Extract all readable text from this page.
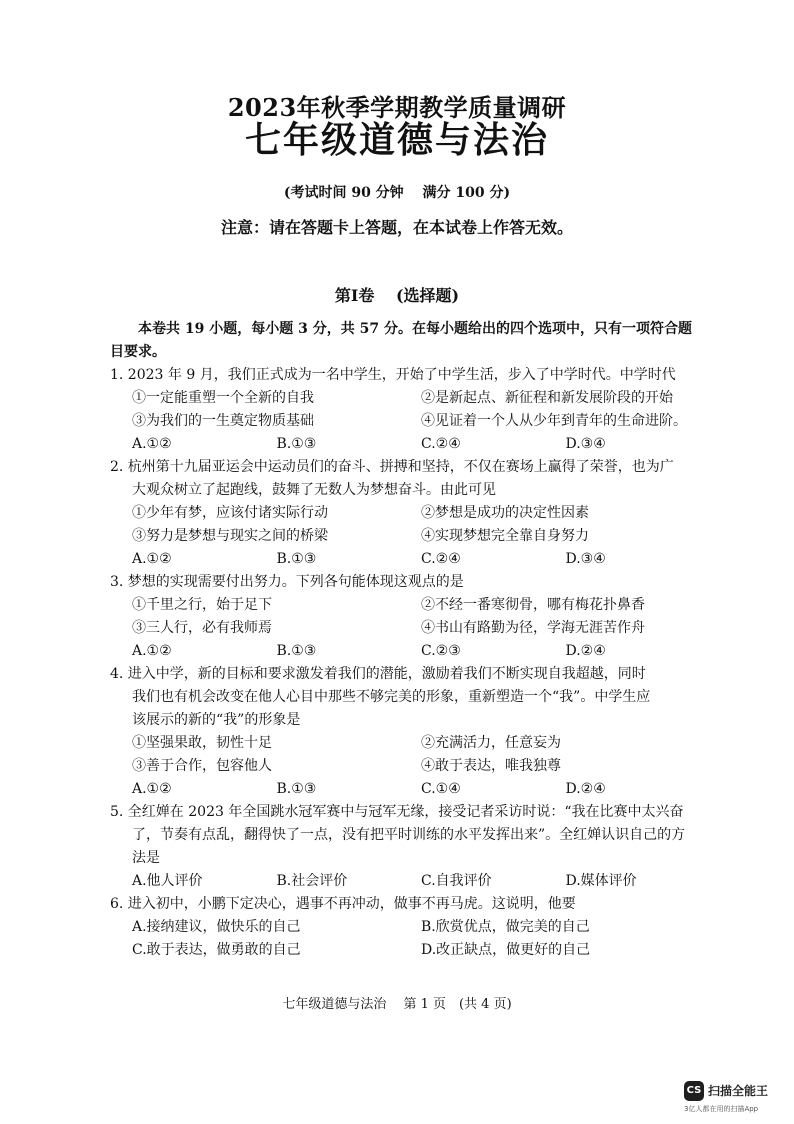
2023年秋季学期教学质量调研
七年级道德与法治
(考试时间 90 分钟　 满分 100 分)
注意：请在答题卡上答题，在本试卷上作答无效。
第Ⅰ卷　 (选择题)

本卷共 19 小题，每小题 3 分，共 57 分。在每小题给出的四个选项中，只有一项符合题
目要求。

1. 2023 年 9 月，我们正式成为一名中学生，开始了中学生活，步入了中学时代。中学时代

①一定能重塑一个全新的自我	②是新起点、新征程和新发展阶段的开始
③为我们的一生奠定物质基础	④见证着一个人从少年到青年的生命进阶。
A.①②	B.①③	C.②④	D.③④

2. 杭州第十九届亚运会中运动员们的奋斗、拼搏和坚持，不仅在赛场上赢得了荣誉，也为广

大观众树立了起跑线，鼓舞了无数人为梦想奋斗。由此可见

①少年有梦，应该付诸实际行动	②梦想是成功的决定性因素
③努力是梦想与现实之间的桥梁	④实现梦想完全靠自身努力
A.①②	B.①③	C.②④	D.③④

3. 梦想的实现需要付出努力。下列各句能体现这观点的是

①千里之行，始于足下	②不经一番寒彻骨，哪有梅花扑鼻香
③三人行，必有我师焉	④书山有路勤为径，学海无涯苦作舟
A.①②	B.①③	C.②③	D.②④

4. 进入中学，新的目标和要求激发着我们的潜能，激励着我们不断实现自我超越，同时

我们也有机会改变在他人心目中那些不够完美的形象，重新塑造一个“我”。中学生应

该展示的新的“我”的形象是

①坚强果敢，韧性十足	②充满活力，任意妄为
③善于合作，包容他人	④敢于表达，唯我独尊
A.①②	B.①③	C.①④	D.②④

5. 全红婵在 2023 年全国跳水冠军赛中与冠军无缘，接受记者采访时说：“我在比赛中太兴奋

了，节奏有点乱，翻得快了一点，没有把平时训练的水平发挥出来”。全红婵认识自己的方

法是

A.他人评价	B.社会评价	C.自我评价	D.媒体评价

6. 进入初中，小鹏下定决心，遇事不再冲动，做事不再马虎。这说明，他要

A.接纳建议，做快乐的自己	B.欣赏优点，做完美的自己
C.敢于表达，做勇敢的自己	D.改正缺点，做更好的自己
七年级道德与法治　 第 1 页　(共 4 页)
CS 扫描全能王
3亿人都在用的扫描App
